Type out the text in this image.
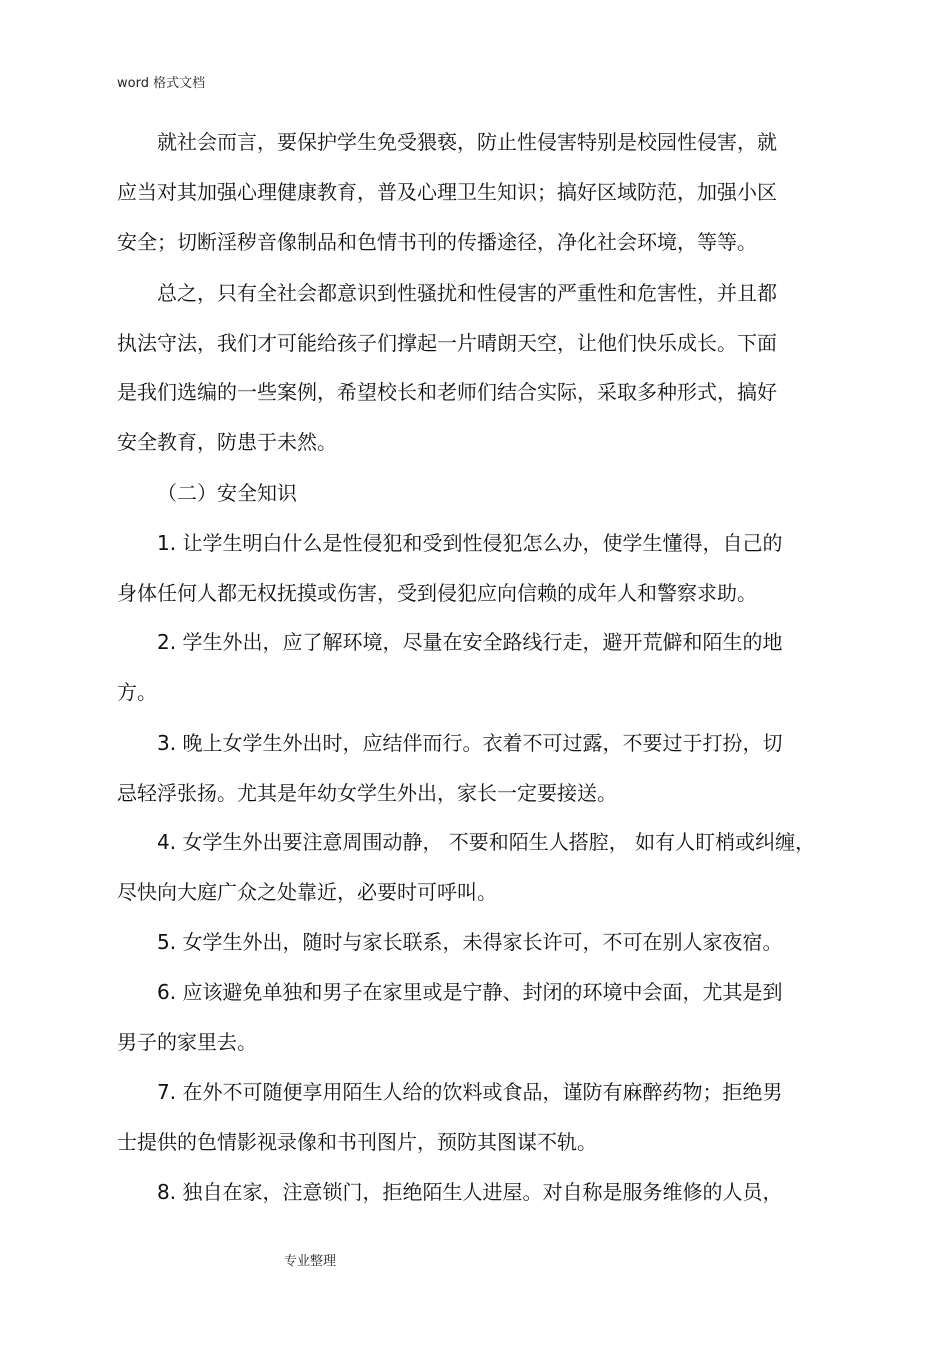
word 格式文档
就社会而言，要保护学生免受猥亵，防止性侵害特别是校园性侵害，就
应当对其加强心理健康教育，普及心理卫生知识；搞好区域防范，加强小区
安全；切断淫秽音像制品和色情书刊的传播途径，净化社会环境，等等。
总之，只有全社会都意识到性骚扰和性侵害的严重性和危害性，并且都
执法守法，我们才可能给孩子们撑起一片晴朗天空，让他们快乐成长。下面
是我们选编的一些案例，希望校长和老师们结合实际，采取多种形式，搞好
安全教育，防患于未然。
（二）安全知识
1. 让学生明白什么是性侵犯和受到性侵犯怎么办，使学生懂得，自己的
身体任何人都无权抚摸或伤害，受到侵犯应向信赖的成年人和警察求助。
2. 学生外出，应了解环境，尽量在安全路线行走，避开荒僻和陌生的地
方。
3. 晚上女学生外出时，应结伴而行。衣着不可过露，不要过于打扮，切
忌轻浮张扬。尤其是年幼女学生外出，家长一定要接送。
4. 女学生外出要注意周围动静， 不要和陌生人搭腔， 如有人盯梢或纠缠，
尽快向大庭广众之处靠近，必要时可呼叫。
5. 女学生外出，随时与家长联系，未得家长许可，不可在别人家夜宿。
6. 应该避免单独和男子在家里或是宁静、封闭的环境中会面，尤其是到
男子的家里去。
7. 在外不可随便享用陌生人给的饮料或食品，谨防有麻醉药物；拒绝男
士提供的色情影视录像和书刊图片，预防其图谋不轨。
8. 独自在家，注意锁门，拒绝陌生人进屋。对自称是服务维修的人员，
专业整理
